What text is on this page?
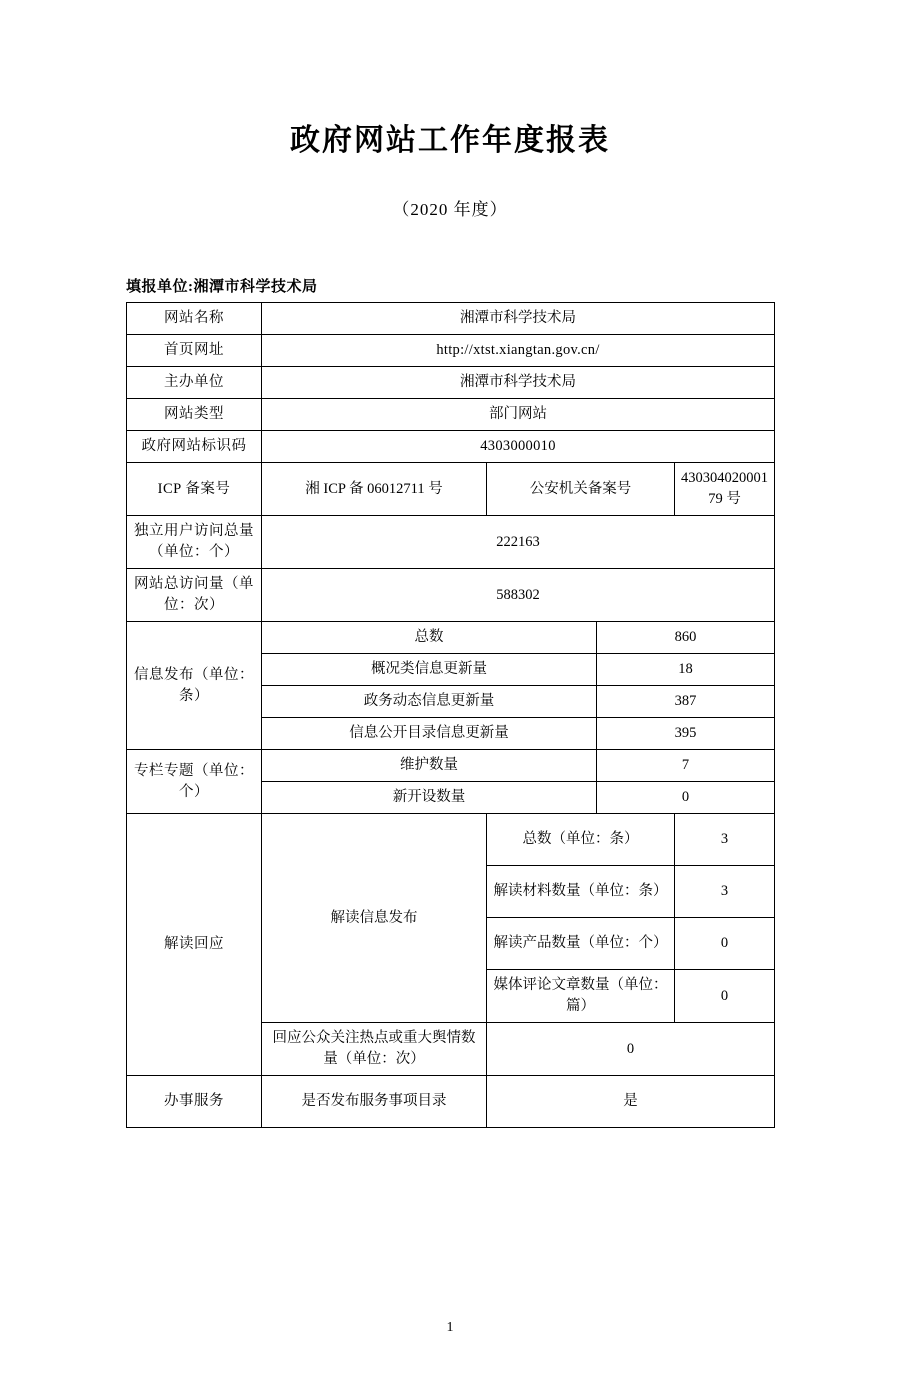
政府网站工作年度报表
（2020 年度）
填报单位:湘潭市科学技术局
网站名称	湘潭市科学技术局			
首页网址	http://xtst.xiangtan.gov.cn/			
主办单位	湘潭市科学技术局			
网站类型	部门网站			
政府网站标识码	4303000010			
ICP 备案号	湘 ICP 备 06012711 号	公安机关备案号		43030402000179 号
独立用户访问总量（单位：个）	222163			
网站总访问量（单位：次）	588302			
信息发布（单位：条）	总数		860	
	概况类信息更新量		18	
	政务动态信息更新量		387	
	信息公开目录信息更新量		395	
专栏专题（单位：个）	维护数量		7	
	新开设数量		0	
解读回应	解读信息发布	总数（单位：条）		3
		解读材料数量（单位：条）		3
		解读产品数量（单位：个）		0
		媒体评论文章数量（单位：篇）		0
	回应公众关注热点或重大舆情数量（单位：次）	0		
办事服务	是否发布服务事项目录	是		
1
